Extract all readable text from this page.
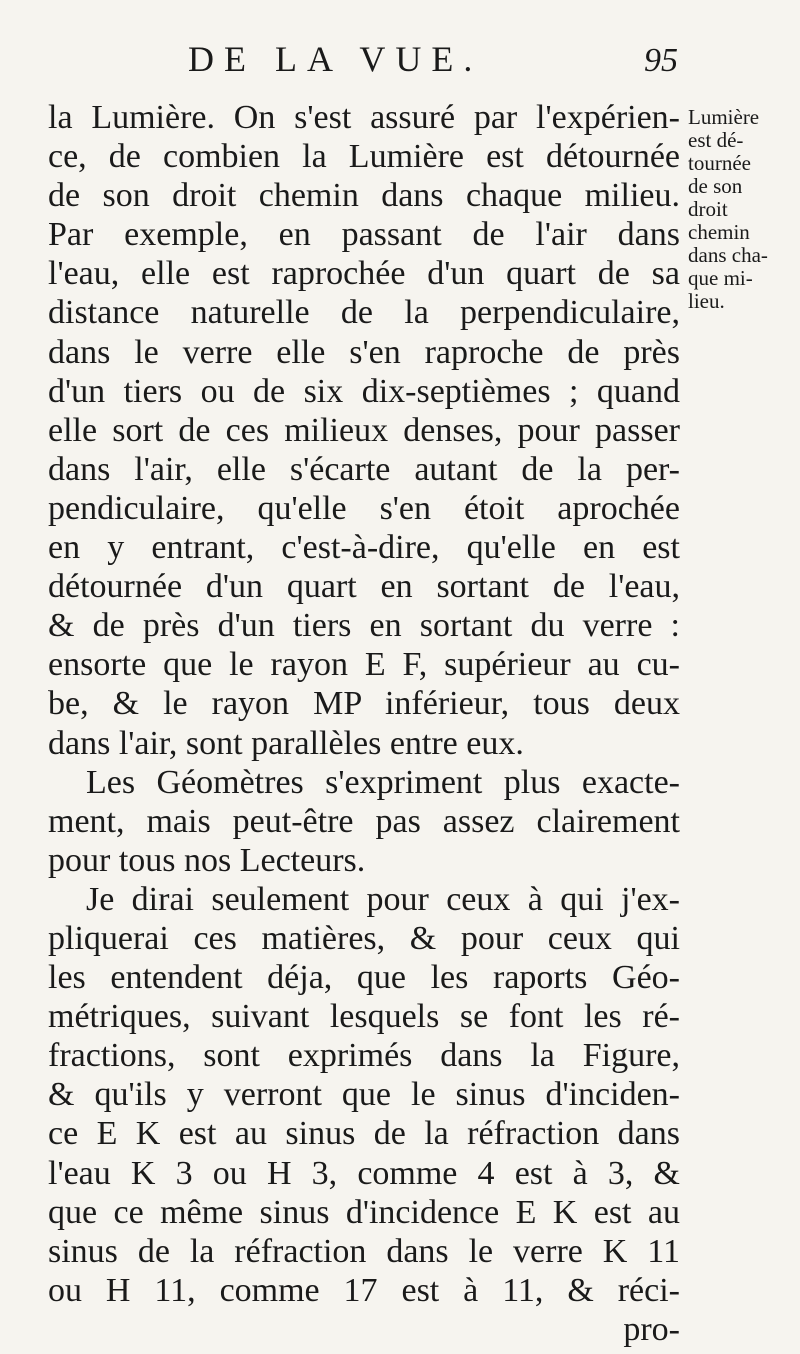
DE LA VUE.	95
la Lumière. On s'est assuré par l'expérien-
ce, de combien la Lumière est détournée
de son droit chemin dans chaque milieu.
Par exemple, en passant de l'air dans
l'eau, elle est raprochée d'un quart de sa
distance naturelle de la perpendiculaire,
dans le verre elle s'en raproche de près
d'un tiers ou de six dix-septièmes ; quand
elle sort de ces milieux denses, pour passer
dans l'air, elle s'écarte autant de la per-
pendiculaire, qu'elle s'en étoit aprochée
en y entrant, c'est-à-dire, qu'elle en est
détournée d'un quart en sortant de l'eau,
& de près d'un tiers en sortant du verre :
ensorte que le rayon E F, supérieur au cu-
be, & le rayon MP inférieur, tous deux
dans l'air, sont parallèles entre eux.
Les Géomètres s'expriment plus exacte-
ment, mais peut-être pas assez clairement
pour tous nos Lecteurs.
Je dirai seulement pour ceux à qui j'ex-
pliquerai ces matières, & pour ceux qui
les entendent déja, que les raports Géo-
métriques, suivant lesquels se font les ré-
fractions, sont exprimés dans la Figure,
& qu'ils y verront que le sinus d'inciden-
ce E K est au sinus de la réfraction dans
l'eau K 3 ou H 3, comme 4 est à 3, &
que ce même sinus d'incidence E K est au
sinus de la réfraction dans le verre K 11
ou H 11, comme 17 est à 11, & réci-
pro-
Lumière
est dé-
tournée
de son
droit
chemin
dans cha-
que mi-
lieu.
